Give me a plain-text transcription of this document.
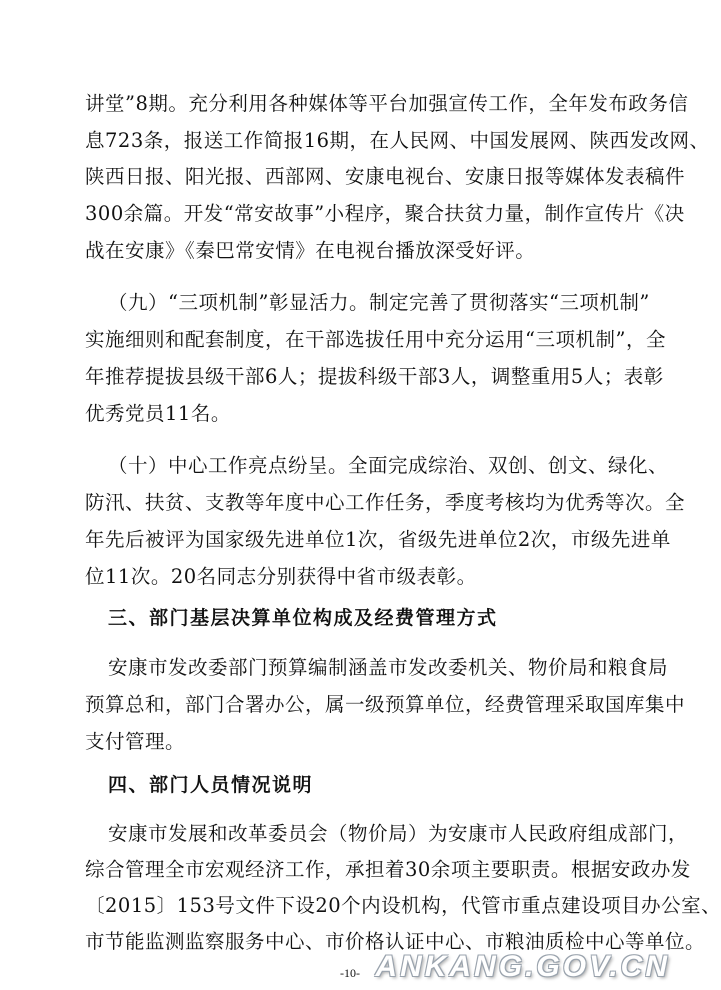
讲堂”8期。充分利用各种媒体等平台加强宣传工作，全年发布政务信
息723条，报送工作简报16期，在人民网、中国发展网、陕西发改网、
陕西日报、阳光报、西部网、安康电视台、安康日报等媒体发表稿件
300余篇。开发“常安故事”小程序，聚合扶贫力量，制作宣传片《决
战在安康》《秦巴常安情》在电视台播放深受好评。
（九）“三项机制”彰显活力。制定完善了贯彻落实“三项机制”
实施细则和配套制度，在干部选拔任用中充分运用“三项机制”，全
年推荐提拔县级干部6人；提拔科级干部3人，调整重用5人；表彰
优秀党员11名。
（十）中心工作亮点纷呈。全面完成综治、双创、创文、绿化、
防汛、扶贫、支教等年度中心工作任务，季度考核均为优秀等次。全
年先后被评为国家级先进单位1次，省级先进单位2次，市级先进单
位11次。20名同志分别获得中省市级表彰。
三、部门基层决算单位构成及经费管理方式
安康市发改委部门预算编制涵盖市发改委机关、物价局和粮食局
预算总和，部门合署办公，属一级预算单位，经费管理采取国库集中
支付管理。
四、部门人员情况说明
安康市发展和改革委员会（物价局）为安康市人民政府组成部门，
综合管理全市宏观经济工作，承担着30余项主要职责。根据安政办发
〔2015〕153号文件下设20个内设机构，代管市重点建设项目办公室、
市节能监测监察服务中心、市价格认证中心、市粮油质检中心等单位。
-10- ANKANG.GOV.CN
